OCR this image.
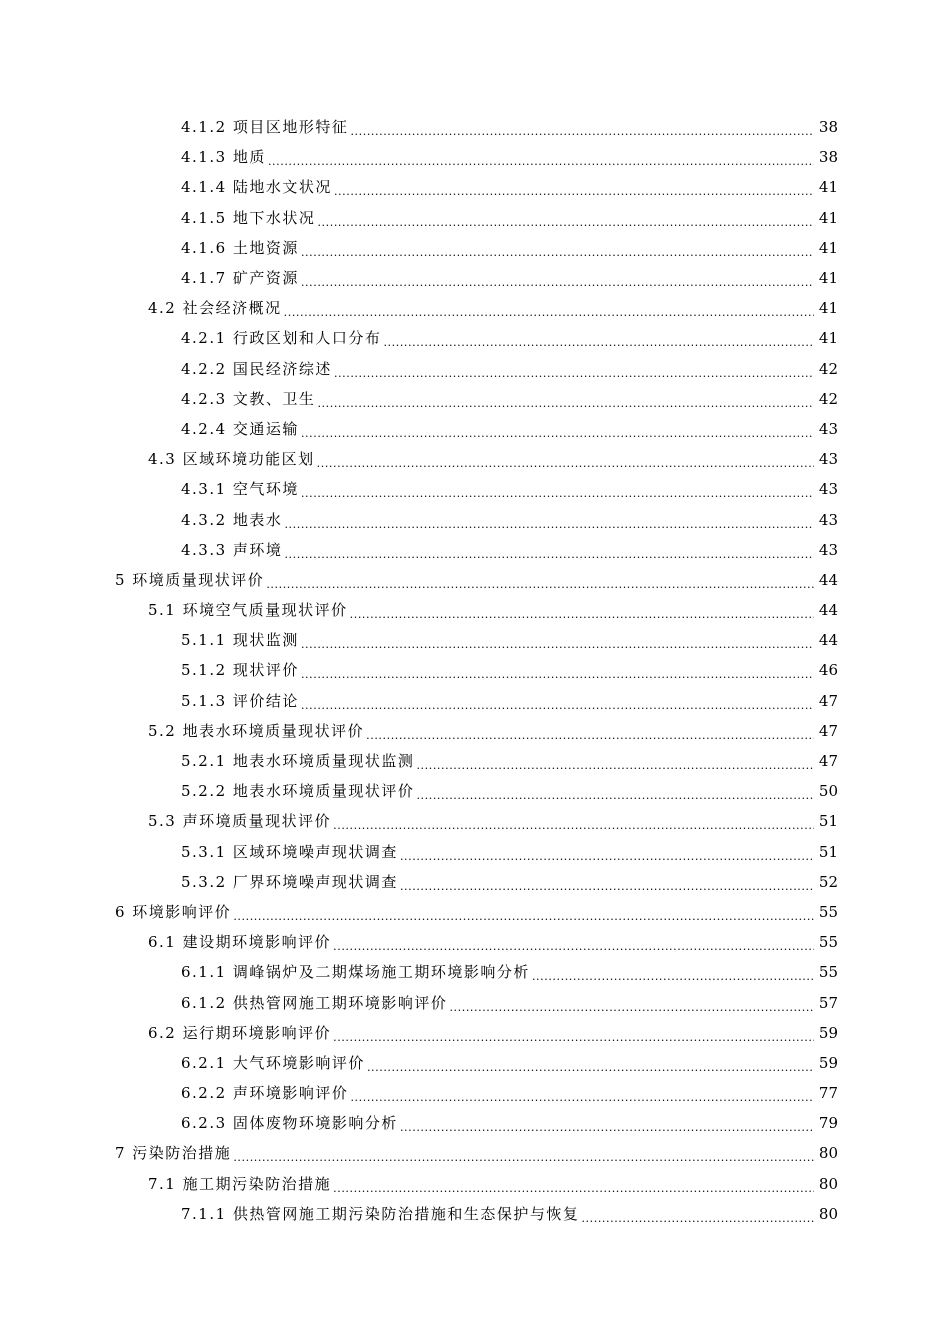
4.1.2 项目区地形特征 .....	38
4.1.3 地质 .....	38
4.1.4 陆地水文状况 .....	41
4.1.5 地下水状况 .....	41
4.1.6 土地资源 .....	41
4.1.7 矿产资源 .....	41
4.2 社会经济概况 .....	41
4.2.1 行政区划和人口分布 .....	41
4.2.2 国民经济综述 .....	42
4.2.3 文教、卫生 .....	42
4.2.4 交通运输 .....	43
4.3 区域环境功能区划 .....	43
4.3.1 空气环境 .....	43
4.3.2 地表水 .....	43
4.3.3 声环境 .....	43
5 环境质量现状评价 .....	44
5.1 环境空气质量现状评价 .....	44
5.1.1 现状监测 .....	44
5.1.2 现状评价 .....	46
5.1.3 评价结论 .....	47
5.2 地表水环境质量现状评价 .....	47
5.2.1 地表水环境质量现状监测 .....	47
5.2.2 地表水环境质量现状评价 .....	50
5.3 声环境质量现状评价 .....	51
5.3.1 区域环境噪声现状调查 .....	51
5.3.2 厂界环境噪声现状调查 .....	52
6 环境影响评价 .....	55
6.1 建设期环境影响评价 .....	55
6.1.1 调峰锅炉及二期煤场施工期环境影响分析 .....	55
6.1.2 供热管网施工期环境影响评价 .....	57
6.2 运行期环境影响评价 .....	59
6.2.1 大气环境影响评价 .....	59
6.2.2 声环境影响评价 .....	77
6.2.3 固体废物环境影响分析 .....	79
7 污染防治措施 .....	80
7.1 施工期污染防治措施 .....	80
7.1.1 供热管网施工期污染防治措施和生态保护与恢复 .....	80
